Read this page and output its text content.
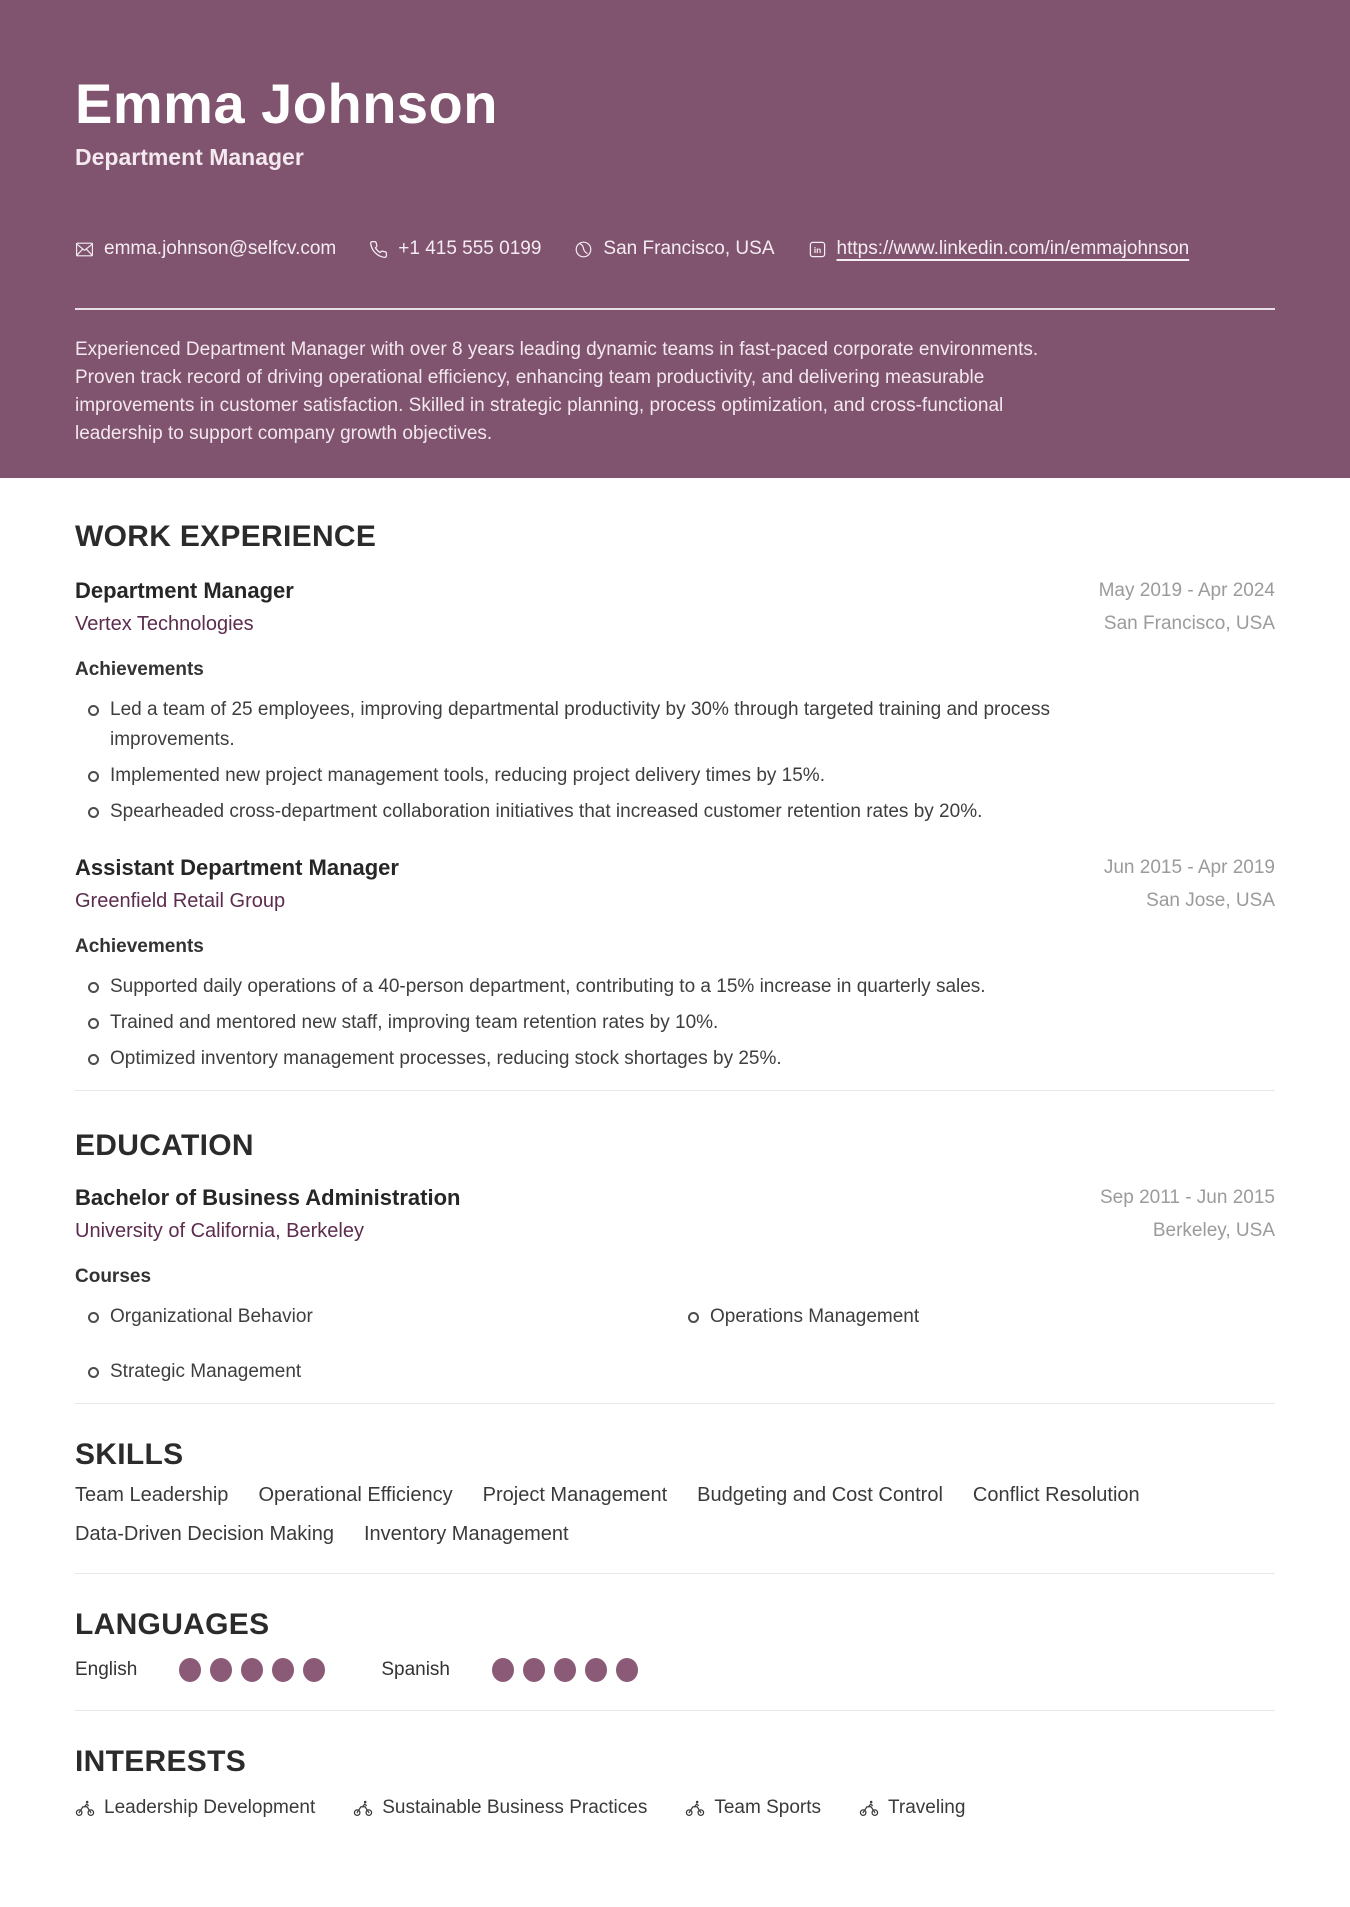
Emma Johnson
Department Manager
emma.johnson@selfcv.com	+1 415 555 0199	San Francisco, USA	in https://www.linkedin.com/in/emmajohnson

Experienced Department Manager with over 8 years leading dynamic teams in fast-paced corporate environments. Proven track record of driving operational efficiency, enhancing team productivity, and delivering measurable improvements in customer satisfaction. Skilled in strategic planning, process optimization, and cross-functional leadership to support company growth objectives.

WORK EXPERIENCE
Department Manager
Vertex Technologies
May 2019 - Apr 2024
San Francisco, USA
Achievements
Led a team of 25 employees, improving departmental productivity by 30% through targeted training and process improvements.
Implemented new project management tools, reducing project delivery times by 15%.
Spearheaded cross-department collaboration initiatives that increased customer retention rates by 20%.
Assistant Department Manager
Greenfield Retail Group
Jun 2015 - Apr 2019
San Jose, USA
Achievements
Supported daily operations of a 40-person department, contributing to a 15% increase in quarterly sales.
Trained and mentored new staff, improving team retention rates by 10%.
Optimized inventory management processes, reducing stock shortages by 25%.
EDUCATION
Bachelor of Business Administration
University of California, Berkeley
Sep 2011 - Jun 2015
Berkeley, USA
Courses
Organizational Behavior	Operations Management
Strategic Management
SKILLS
Team Leadership Operational Efficiency Project Management Budgeting and Cost Control Conflict Resolution
Data-Driven Decision Making Inventory Management
LANGUAGES
English	Spanish
INTERESTS
Leadership Development	Sustainable Business Practices	Team Sports	Traveling
